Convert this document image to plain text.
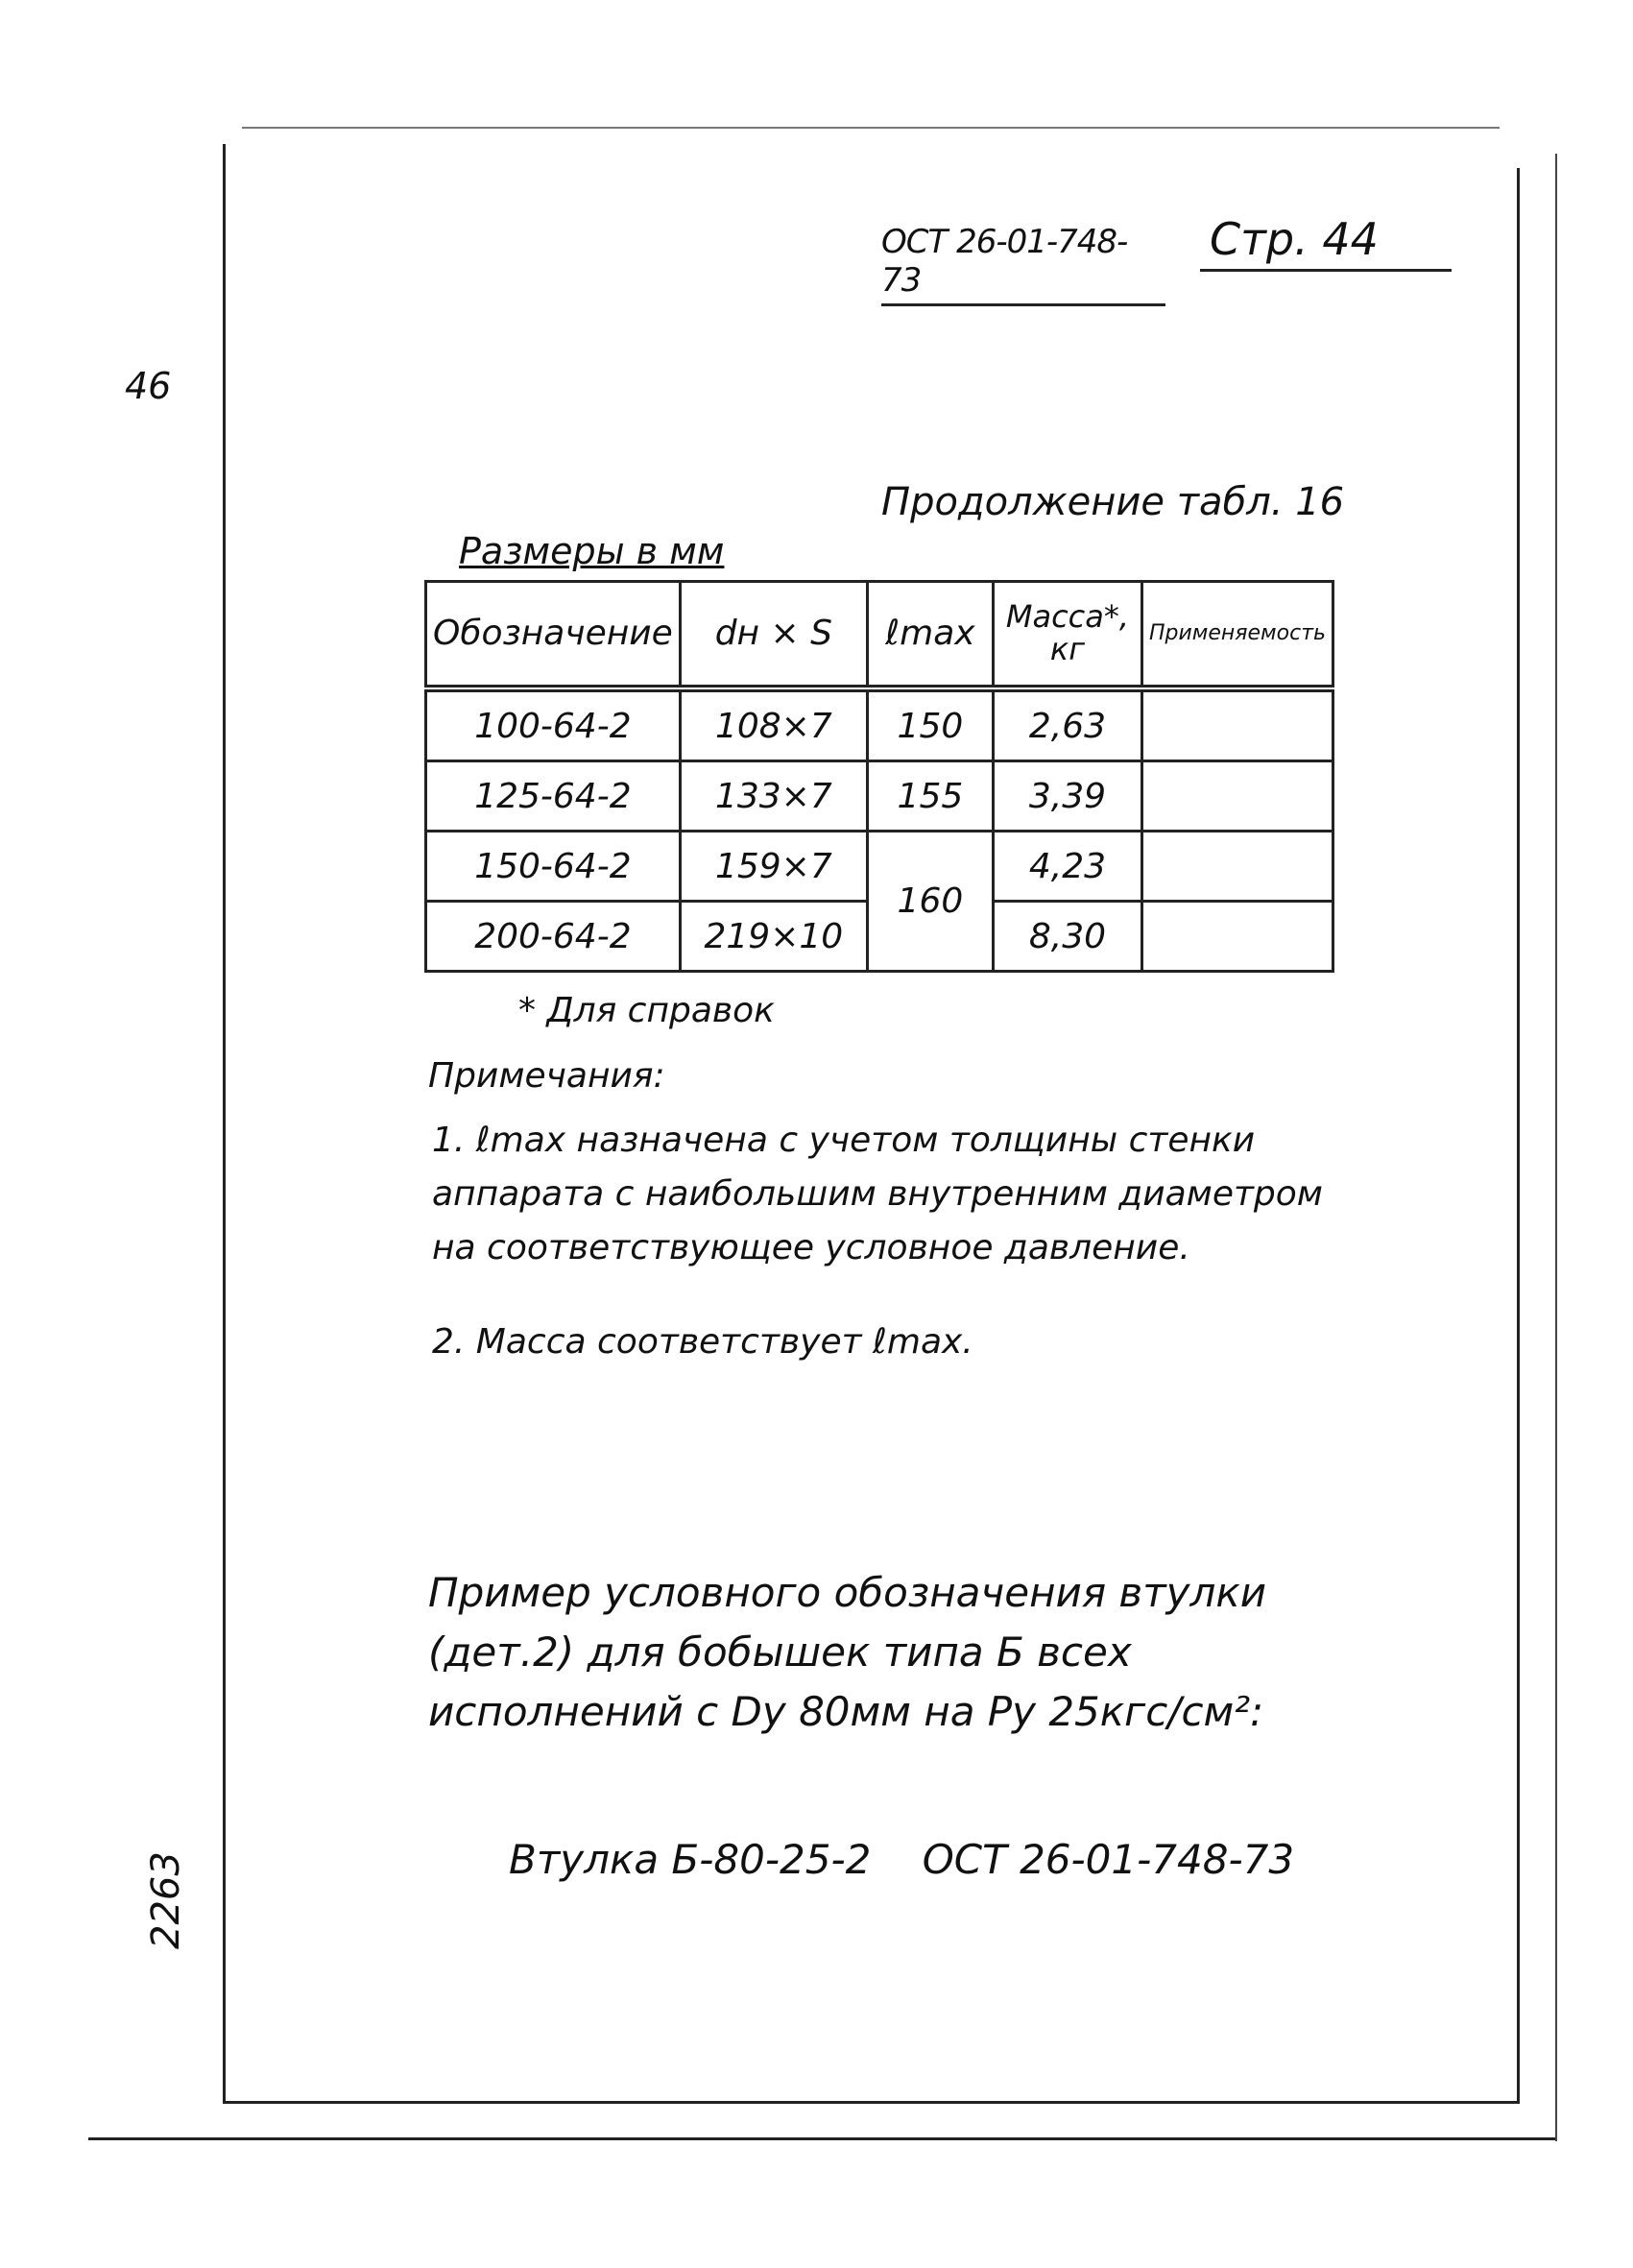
ОСТ 26-01-748-73
Стр. 44
46
2263
Продолжение табл. 16
Размеры в мм
Обозначение	dн × S	ℓmax	Масса*, кг	Применяемость
100-64-2	108×7	150	2,63	
125-64-2	133×7	155	3,39	
150-64-2	159×7	160	4,23	
200-64-2	219×10		8,30	
* Для справок
Примечания:
1. ℓmax назначена с учетом толщины стенки аппарата с наибольшим внутренним диаметром на соответствующее условное давление.
2. Масса соответствует ℓmax.
Пример условного обозначения втулки (дет.2) для бобышек типа Б всех исполнений с Dу 80мм на Ру 25кгс/см²:
Втулка Б-80-25-2 ОСТ 26-01-748-73
